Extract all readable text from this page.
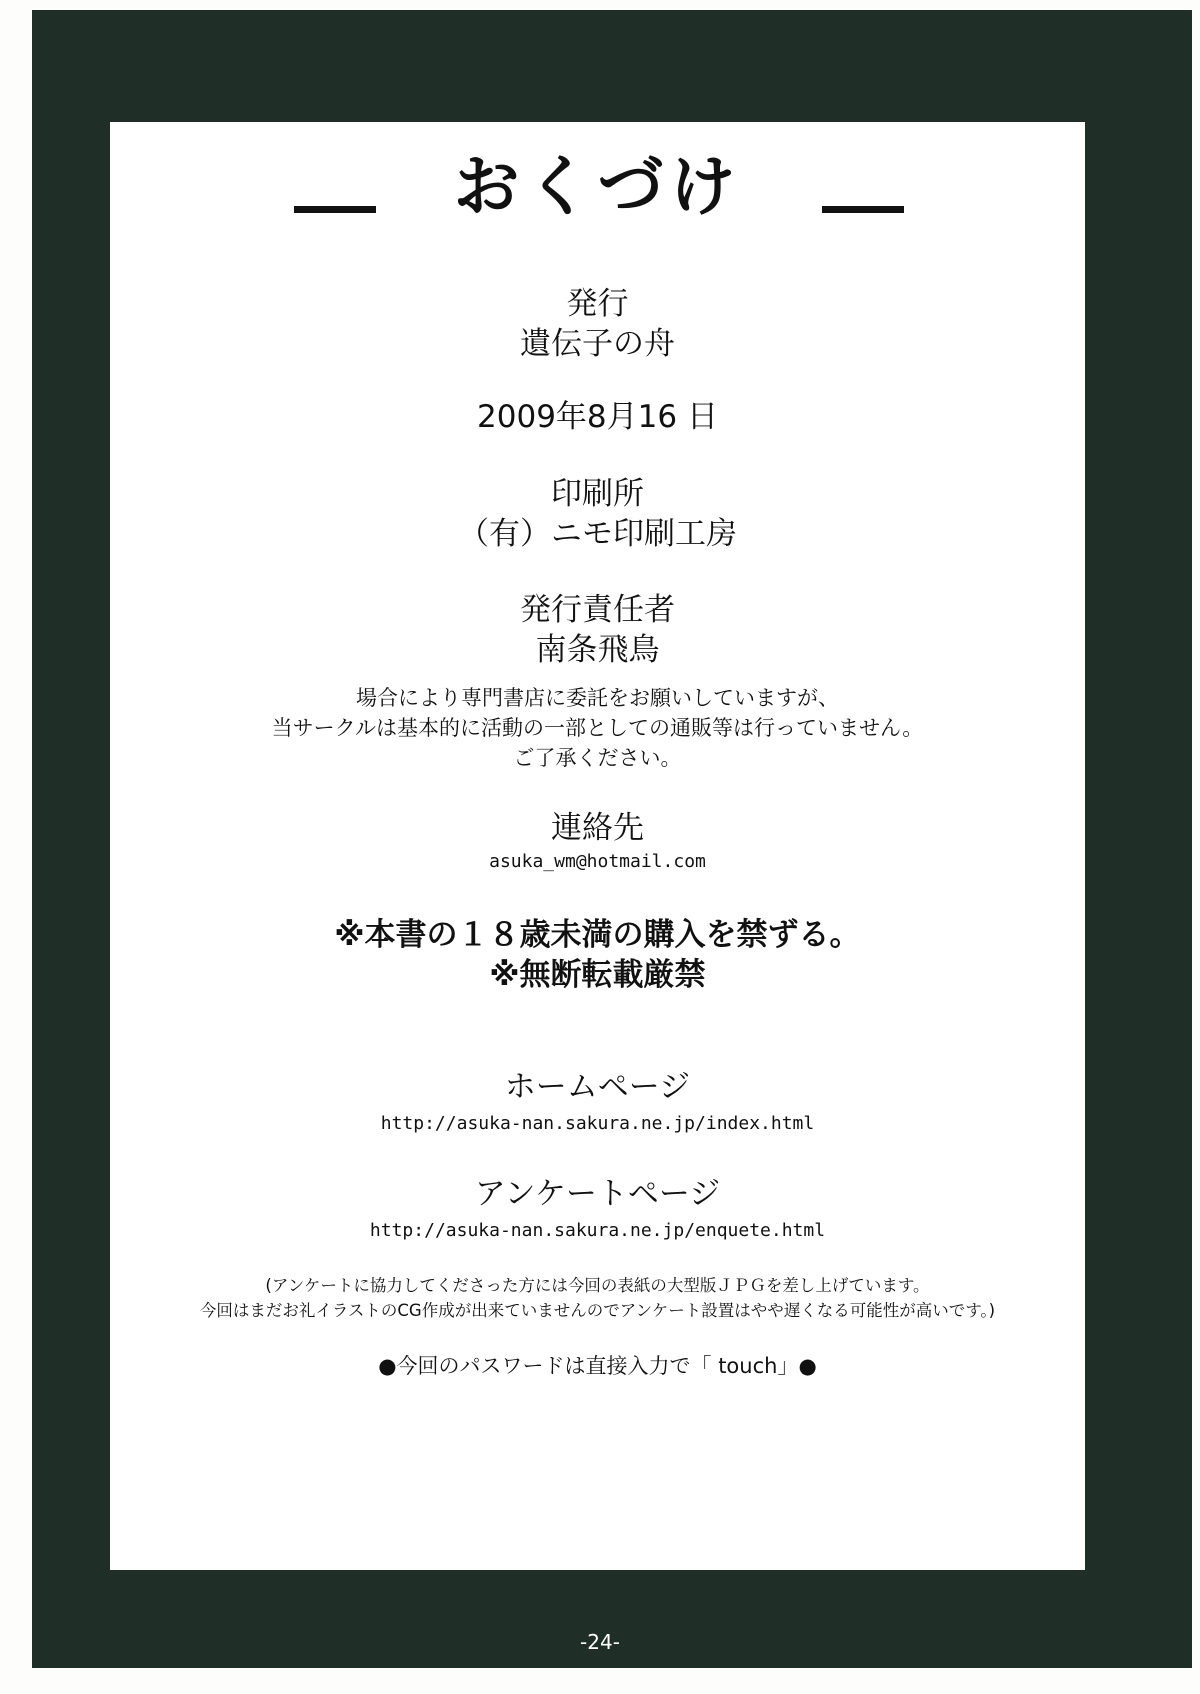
おくづけ
発行
遺伝子の舟
2009年8月16 日
印刷所
（有）ニモ印刷工房
発行責任者
南条飛鳥
場合により専門書店に委託をお願いしていますが、
当サークルは基本的に活動の一部としての通販等は行っていません。
ご了承ください。
連絡先
asuka_wm@hotmail.com
※本書の１８歳未満の購入を禁ずる。
※無断転載厳禁
ホームページ
http://asuka-nan.sakura.ne.jp/index.html
アンケートページ
http://asuka-nan.sakura.ne.jp/enquete.html
(アンケートに協力してくださった方には今回の表紙の大型版ＪＰＧを差し上げています。
今回はまだお礼イラストのCG作成が出来ていませんのでアンケート設置はやや遅くなる可能性が高いです。)
●今回のパスワードは直接入力で「 touch」●
-24-
